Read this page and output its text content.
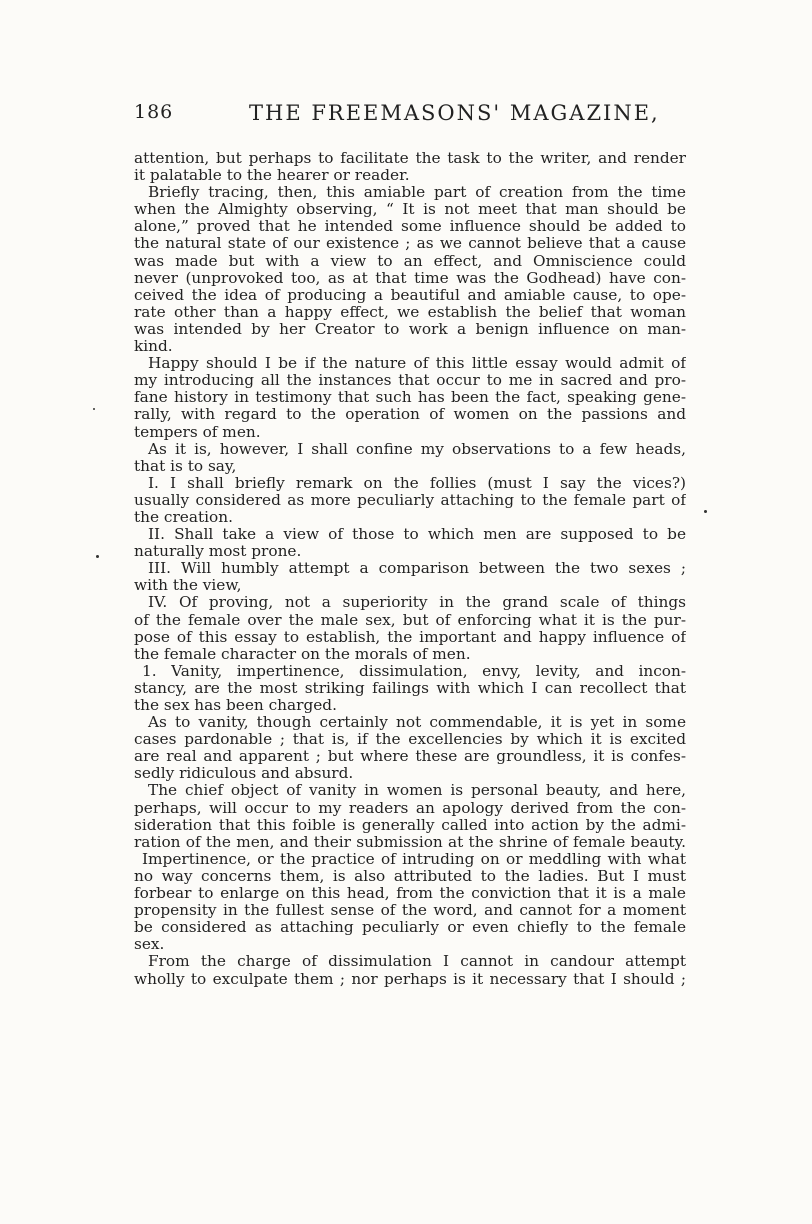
186	THE FREEMASONS' MAGAZINE,
attention, but perhaps to facilitate the task to the writer, and render
it palatable to the hearer or reader.
Briefly tracing, then, this amiable part of creation from the time
when the Almighty observing, “ It is not meet that man should be
alone,” proved that he intended some influence should be added to
the natural state of our existence ; as we cannot believe that a cause
was made but with a view to an effect, and Omniscience could
never (unprovoked too, as at that time was the Godhead) have con-
ceived the idea of producing a beautiful and amiable cause, to ope-
rate other than a happy effect, we establish the belief that woman
was intended by her Creator to work a benign influence on man-
kind.
Happy should I be if the nature of this little essay would admit of
my introducing all the instances that occur to me in sacred and pro-
fane history in testimony that such has been the fact, speaking gene-
rally, with regard to the operation of women on the passions and
tempers of men.
As it is, however, I shall confine my observations to a few heads,
that is to say,
I. I shall briefly remark on the follies (must I say the vices?)
usually considered as more peculiarly attaching to the female part of
the creation.
II. Shall take a view of those to which men are supposed to be
naturally most prone.
III. Will humbly attempt a comparison between the two sexes ;
with the view,
IV. Of proving, not a superiority in the grand scale of things
of the female over the male sex, but of enforcing what it is the pur-
pose of this essay to establish, the important and happy influence of
the female character on the morals of men.
1. Vanity, impertinence, dissimulation, envy, levity, and incon-
stancy, are the most striking failings with which I can recollect that
the sex has been charged.
As to vanity, though certainly not commendable, it is yet in some
cases pardonable ; that is, if the excellencies by which it is excited
are real and apparent ; but where these are groundless, it is confes-
sedly ridiculous and absurd.
The chief object of vanity in women is personal beauty, and here,
perhaps, will occur to my readers an apology derived from the con-
sideration that this foible is generally called into action by the admi-
ration of the men, and their submission at the shrine of female beauty.
Impertinence, or the practice of intruding on or meddling with what
no way concerns them, is also attributed to the ladies. But I must
forbear to enlarge on this head, from the conviction that it is a male
propensity in the fullest sense of the word, and cannot for a moment
be considered as attaching peculiarly or even chiefly to the female
sex.
From the charge of dissimulation I cannot in candour attempt
wholly to exculpate them ; nor perhaps is it necessary that I should ;
